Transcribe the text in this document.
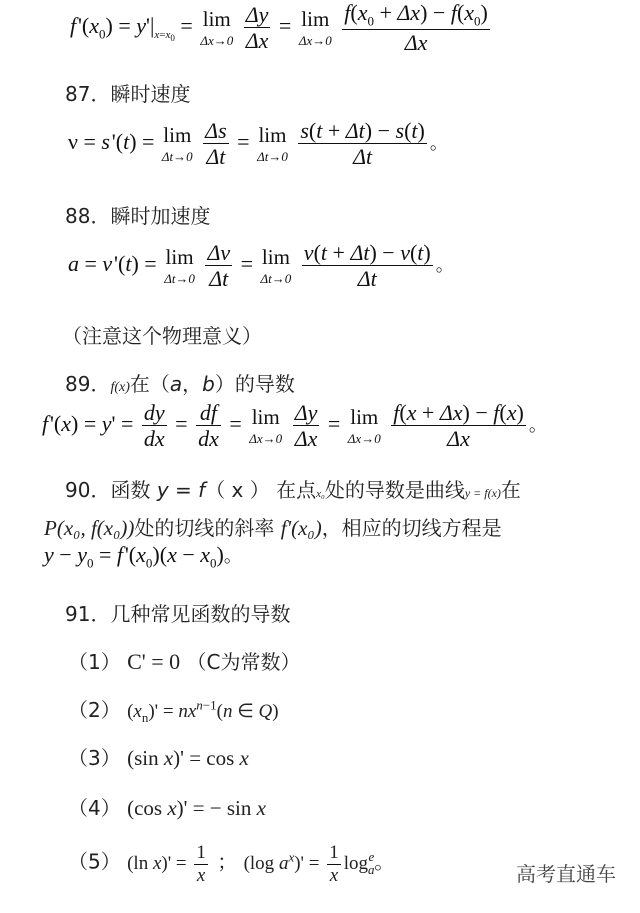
f '$(x_0) = y'|_{x=x_0} = \lim$
Δx→0
$\frac{\Delta y}{\Delta x} = \lim$
Δx→0
$\frac{f(x_0 + \Delta x) - f(x_0)}{\Delta x}$
87．瞬时速度
ν = s '(t) = lim
Δt→0
$\frac{\Delta s}{\Delta t} = \lim$
Δt→0
$\frac{s(t + \Delta t) - s(t)}{\Delta t}$ 。
88．瞬时加速度
a = v '(t) = lim
Δt→0
$\frac{\Delta v}{\Delta t} = \lim$
Δt→0
$\frac{v(t + \Delta t) - v(t)}{\Delta t}$ 。
（注意这个物理意义）
89．f(x)在（a，b）的导数
f '$(x) = y' = \frac{dy}{dx} = \frac{df}{dx} = \lim$
Δx→0
$\frac{\Delta y}{\Delta x} = \lim$
Δx→0
$\frac{f(x + \Delta x) - f(x)}{\Delta x}$ 。
90．函数 y = f（ x ） 在点x₀处的导数是曲线y = f(x)在
P(x₀, f(x₀))处的切线的斜率 f'(x₀)，相应的切线方程是
$y - y_0 = f$ '$(x_0)(x - x_0)$。
91．几种常见函数的导数
（1） C' = 0 （C为常数）
（2） $(x_n)' = nx^{n-1}(n$ ∈ Q)
（3） (sin x)' = cos x
（4） (cos x)' = − sin x
（5） (ln $x)' = \frac{1}{x}$ ； (log $a^x)' = \frac{1}{x} \log_a^e$。
高考直通车
